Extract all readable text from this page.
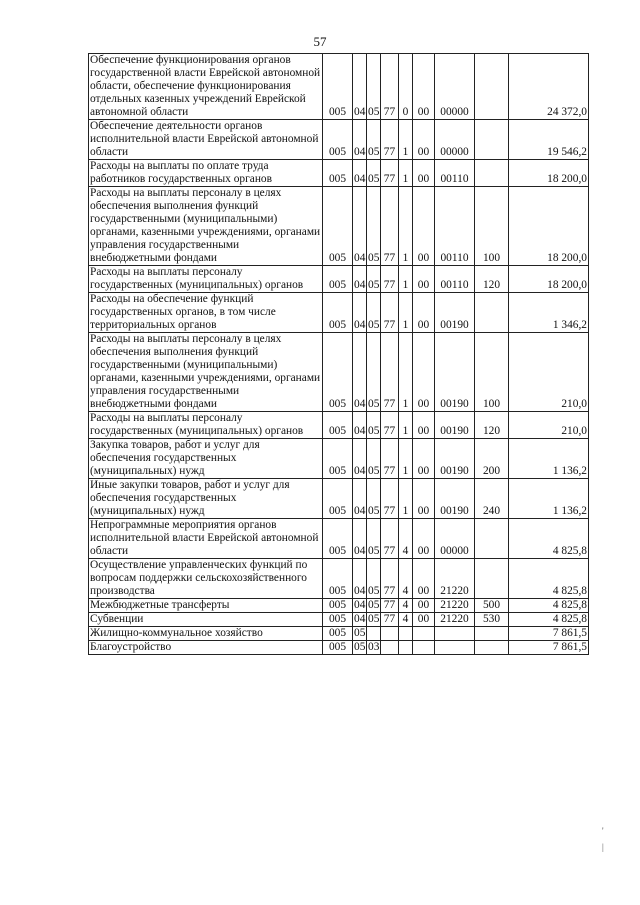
57
Обеспечение функционирования органов государственной власти Еврейской автономной области, обеспечение функционирования отдельных казенных учреждений Еврейской автономной области	005	04	05	77	0	00	00000		24 372,0
Обеспечение деятельности органов исполнительной власти Еврейской автономной области	005	04	05	77	1	00	00000		19 546,2
Расходы на выплаты по оплате труда работников государственных органов	005	04	05	77	1	00	00110		18 200,0
Расходы на выплаты персоналу в целях обеспечения выполнения функций государственными (муниципальными) органами, казенными учреждениями, органами управления государственными внебюджетными фондами	005	04	05	77	1	00	00110	100	18 200,0
Расходы на выплаты персоналу государственных (муниципальных) органов	005	04	05	77	1	00	00110	120	18 200,0
Расходы на обеспечение функций государственных органов, в том числе территориальных органов	005	04	05	77	1	00	00190		1 346,2
Расходы на выплаты персоналу в целях обеспечения выполнения функций государственными (муниципальными) органами, казенными учреждениями, органами управления государственными внебюджетными фондами	005	04	05	77	1	00	00190	100	210,0
Расходы на выплаты персоналу государственных (муниципальных) органов	005	04	05	77	1	00	00190	120	210,0
Закупка товаров, работ и услуг для обеспечения государственных (муниципальных) нужд	005	04	05	77	1	00	00190	200	1 136,2
Иные закупки товаров, работ и услуг для обеспечения государственных (муниципальных) нужд	005	04	05	77	1	00	00190	240	1 136,2
Непрограммные мероприятия органов исполнительной власти Еврейской автономной области	005	04	05	77	4	00	00000		4 825,8
Осуществление управленческих функций по вопросам поддержки сельскохозяйственного производства	005	04	05	77	4	00	21220		4 825,8
Межбюджетные трансферты	005	04	05	77	4	00	21220	500	4 825,8
Субвенции	005	04	05	77	4	00	21220	530	4 825,8
Жилищно-коммунальное хозяйство	005	05							7 861,5
Благоустройство	005	05	03						7 861,5
'
|
